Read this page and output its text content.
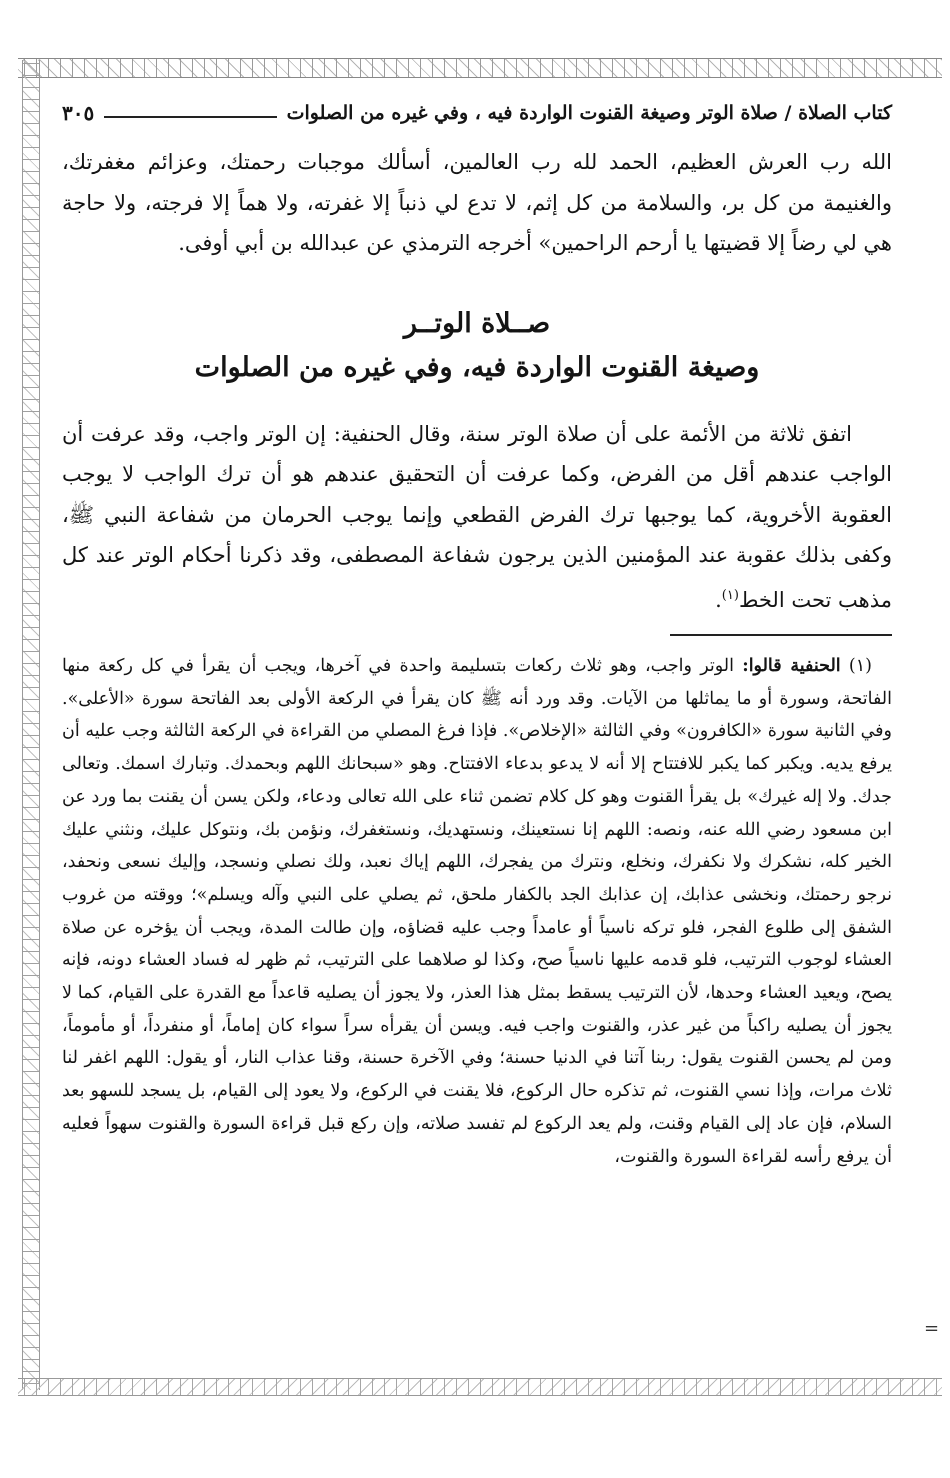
كتاب الصلاة / صلاة الوتر وصيغة القنوت الواردة فيه ، وفي غيره من الصلوات
٣٠٥

الله رب العرش العظيم، الحمد لله رب العالمين، أسألك موجبات رحمتك، وعزائم مغفرتك، والغنيمة من كل بر، والسلامة من كل إثم، لا تدع لي ذنباً إلا غفرته، ولا هماً إلا فرجته، ولا حاجة هي لي رضاً إلا قضيتها يا أرحم الراحمين» أخرجه الترمذي عن عبدالله بن أبي أوفى.

صــلاة الوتــر
وصيغة القنوت الواردة فيه، وفي غيره من الصلوات
اتفق ثلاثة من الأئمة على أن صلاة الوتر سنة، وقال الحنفية: إن الوتر واجب، وقد عرفت أن الواجب عندهم أقل من الفرض، وكما عرفت أن التحقيق عندهم هو أن ترك الواجب لا يوجب العقوبة الأخروية، كما يوجبها ترك الفرض القطعي وإنما يوجب الحرمان من شفاعة النبي ﷺ، وكفى بذلك عقوبة عند المؤمنين الذين يرجون شفاعة المصطفى، وقد ذكرنا أحكام الوتر عند كل مذهب تحت الخط$^{(١)}$.
(١) الحنفية قالوا: الوتر واجب، وهو ثلاث ركعات بتسليمة واحدة في آخرها، ويجب أن يقرأ في كل ركعة منها الفاتحة، وسورة أو ما يماثلها من الآيات. وقد ورد أنه ﷺ كان يقرأ في الركعة الأولى بعد الفاتحة سورة «الأعلى». وفي الثانية سورة «الكافرون» وفي الثالثة «الإخلاص». فإذا فرغ المصلي من القراءة في الركعة الثالثة وجب عليه أن يرفع يديه. ويكبر كما يكبر للافتتاح إلا أنه لا يدعو بدعاء الافتتاح. وهو «سبحانك اللهم وبحمدك. وتبارك اسمك. وتعالى جدك. ولا إله غيرك» بل يقرأ القنوت وهو كل كلام تضمن ثناء على الله تعالى ودعاء، ولكن يسن أن يقنت بما ورد عن ابن مسعود رضي الله عنه، ونصه: اللهم إنا نستعينك، ونستهديك، ونستغفرك، ونؤمن بك، ونتوكل عليك، ونثني عليك الخير كله، نشكرك ولا نكفرك، ونخلع، ونترك من يفجرك، اللهم إياك نعبد، ولك نصلي ونسجد، وإليك نسعى ونحفد، نرجو رحمتك، ونخشى عذابك، إن عذابك الجد بالكفار ملحق، ثم يصلي على النبي وآله ويسلم»؛ ووقته من غروب الشفق إلى طلوع الفجر، فلو تركه ناسياً أو عامداً وجب عليه قضاؤه، وإن طالت المدة، ويجب أن يؤخره عن صلاة العشاء لوجوب الترتيب، فلو قدمه عليها ناسياً صح، وكذا لو صلاهما على الترتيب، ثم ظهر له فساد العشاء دونه، فإنه يصح، ويعيد العشاء وحدها، لأن الترتيب يسقط بمثل هذا العذر، ولا يجوز أن يصليه قاعداً مع القدرة على القيام، كما لا يجوز أن يصليه راكباً من غير عذر، والقنوت واجب فيه. ويسن أن يقرأه سراً سواء كان إماماً، أو منفرداً، أو مأموماً، ومن لم يحسن القنوت يقول: ربنا آتنا في الدنيا حسنة؛ وفي الآخرة حسنة، وقنا عذاب النار، أو يقول: اللهم اغفر لنا ثلاث مرات، وإذا نسي القنوت، ثم تذكره حال الركوع، فلا يقنت في الركوع، ولا يعود إلى القيام، بل يسجد للسهو بعد السلام، فإن عاد إلى القيام وقنت، ولم يعد الركوع لم تفسد صلاته، وإن ركع قبل قراءة السورة والقنوت سهواً فعليه أن يرفع رأسه لقراءة السورة والقنوت،
=
